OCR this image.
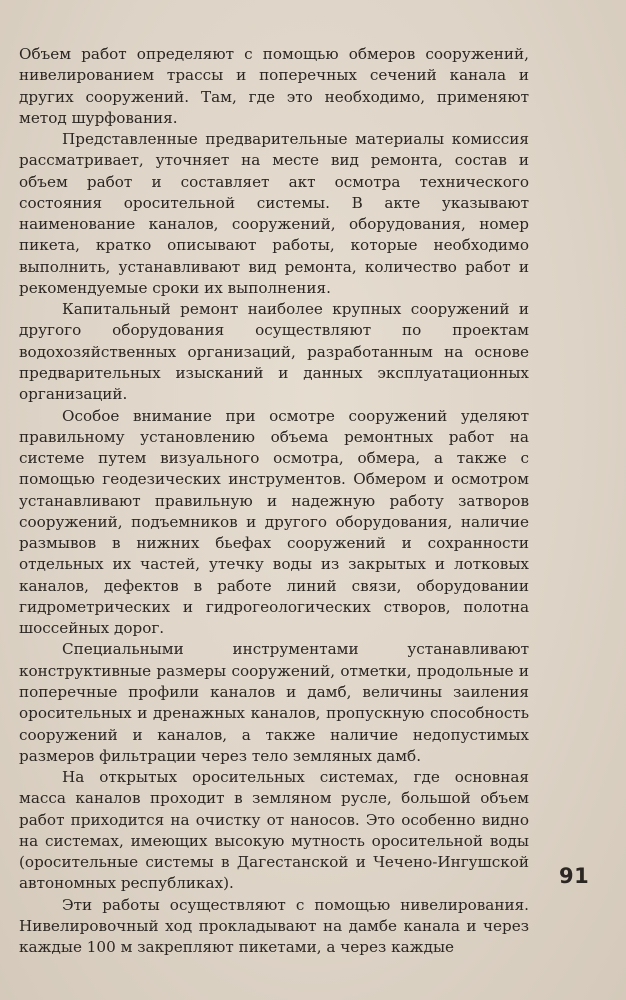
Объем работ определяют с помощью обмеров сооружений, нивелированием трассы и поперечных сечений канала и других сооружений. Там, где это необходимо, применяют метод шурфования.

Представленные предварительные материалы комиссия рассматривает, уточняет на месте вид ремонта, состав и объем работ и составляет акт осмотра технического состояния оросительной системы. В акте указывают наименование каналов, сооружений, оборудования, номер пикета, кратко описывают работы, которые необходимо выполнить, устанавливают вид ремонта, количество работ и рекомендуемые сроки их выполнения.

Капитальный ремонт наиболее крупных сооружений и другого оборудования осуществляют по проектам водохозяйственных организаций, разработанным на основе предварительных изысканий и данных эксплуатационных организаций.

Особое внимание при осмотре сооружений уделяют правильному установлению объема ремонтных работ на системе путем визуального осмотра, обмера, а также с помощью геодезических инструментов. Обмером и осмотром устанавливают правильную и надежную работу затворов сооружений, подъемников и другого оборудования, наличие размывов в нижних бьефах сооружений и сохранности отдельных их частей, утечку воды из закрытых и лотковых каналов, дефектов в работе линий связи, оборудовании гидрометрических и гидрогеологических створов, полотна шоссейных дорог.

Специальными инструментами устанавливают конструктивные размеры сооружений, отметки, продольные и поперечные профили каналов и дамб, величины заиления оросительных и дренажных каналов, пропускную способность сооружений и каналов, а также наличие недопустимых размеров фильтрации через тело земляных дамб.

На открытых оросительных системах, где основная масса каналов проходит в земляном русле, большой объем работ приходится на очистку от наносов. Это особенно видно на системах, имеющих высокую мутность оросительной воды (оросительные системы в Дагестанской и Чечено-Ингушской автономных республиках).

Эти работы осуществляют с помощью нивелирования. Нивелировочный ход прокладывают на дамбе канала и через каждые 100 м закрепляют пикетами, а через каждые

91
